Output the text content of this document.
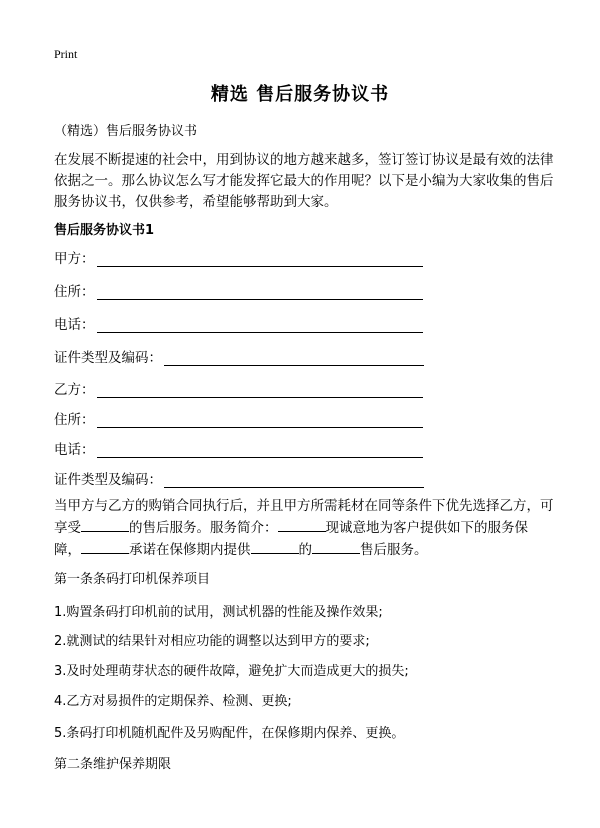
Print
精选 售后服务协议书
（精选）售后服务协议书
在发展不断提速的社会中，用到协议的地方越来越多，签订签订协议是最有效的法律依据之一。那么协议怎么写才能发挥它最大的作用呢？以下是小编为大家收集的售后服务协议书，仅供参考，希望能够帮助到大家。
售后服务协议书1
甲方：
住所：
电话：
证件类型及编码：
乙方：
住所：
电话：
证件类型及编码：
当甲方与乙方的购销合同执行后，并且甲方所需耗材在同等条件下优先选择乙方，可享受	的售后服务。服务简介：	现诚意地为客户提供如下的服务保障，	承诺在保修期内提供	的	售后服务。
第一条条码打印机保养项目
1.购置条码打印机前的试用，测试机器的性能及操作效果;
2.就测试的结果针对相应功能的调整以达到甲方的要求;
3.及时处理萌芽状态的硬件故障，避免扩大而造成更大的损失;
4.乙方对易损件的定期保养、检测、更换;
5.条码打印机随机配件及另购配件，在保修期内保养、更换。
第二条维护保养期限
